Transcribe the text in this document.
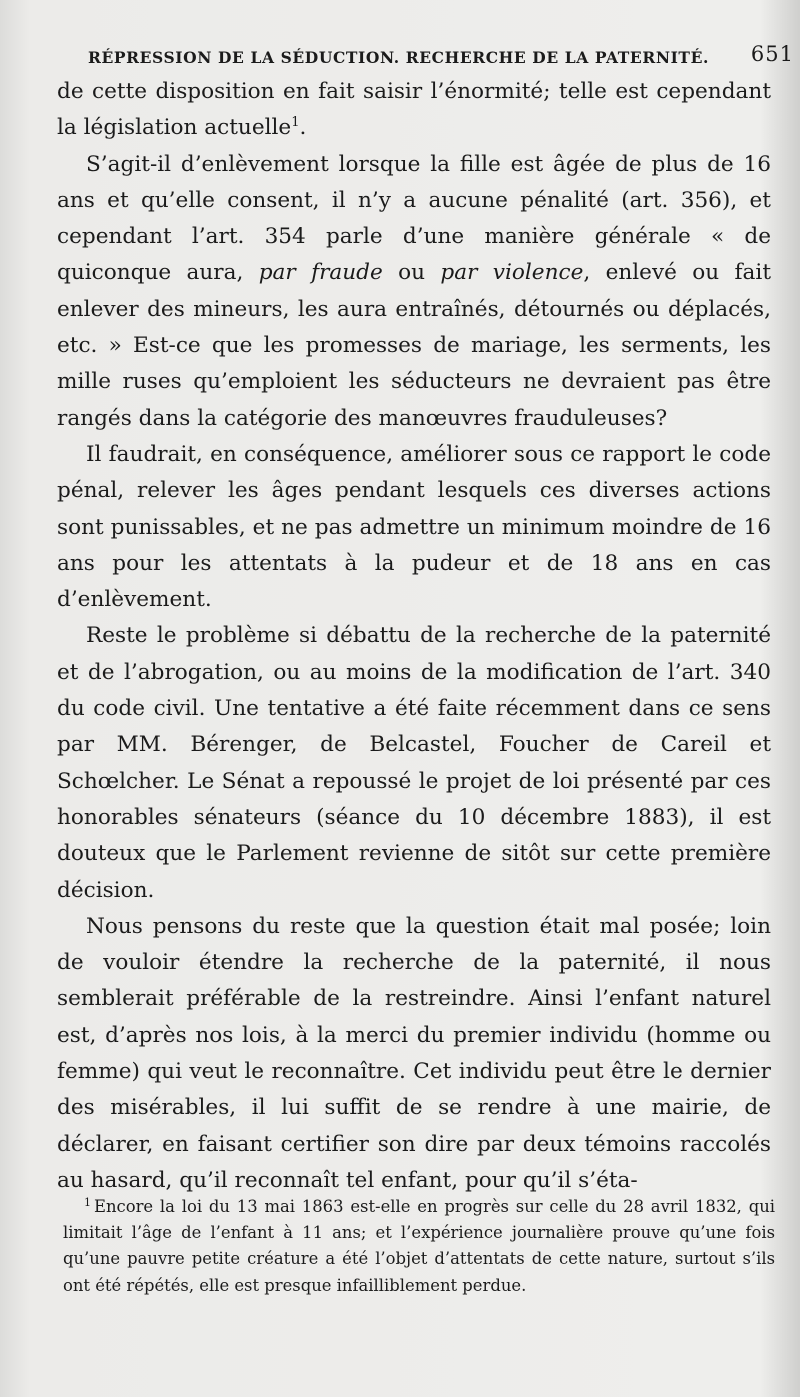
RÉPRESSION DE LA SÉDUCTION. RECHERCHE DE LA PATERNITÉ. 651

de cette disposition en fait saisir l’énormité; telle est cependant la législation actuelle$^1$.

S’agit-il d’enlèvement lorsque la fille est âgée de plus de 16 ans et qu’elle consent, il n’y a aucune pénalité (art. 356), et cependant l’art. 354 parle d’une manière générale « de quiconque aura, par fraude ou par violence, enlevé ou fait enlever des mineurs, les aura entraînés, détournés ou déplacés, etc. » Est-ce que les promesses de mariage, les serments, les mille ruses qu’emploient les séducteurs ne devraient pas être rangés dans la catégorie des manœuvres frauduleuses?

Il faudrait, en conséquence, améliorer sous ce rapport le code pénal, relever les âges pendant lesquels ces diverses actions sont punissables, et ne pas admettre un minimum moindre de 16 ans pour les attentats à la pudeur et de 18 ans en cas d’enlèvement.

Reste le problème si débattu de la recherche de la paternité et de l’abrogation, ou au moins de la modification de l’art. 340 du code civil. Une tentative a été faite récemment dans ce sens par MM. Bérenger, de Belcastel, Foucher de Careil et Schœlcher. Le Sénat a repoussé le projet de loi présenté par ces honorables sénateurs (séance du 10 décembre 1883), il est douteux que le Parlement revienne de sitôt sur cette première décision.

Nous pensons du reste que la question était mal posée; loin de vouloir étendre la recherche de la paternité, il nous semblerait préférable de la restreindre. Ainsi l’enfant naturel est, d’après nos lois, à la merci du premier individu (homme ou femme) qui veut le reconnaître. Cet individu peut être le dernier des misérables, il lui suffit de se rendre à une mairie, de déclarer, en faisant certifier son dire par deux témoins raccolés au hasard, qu’il reconnaît tel enfant, pour qu’il s’éta-

$^1$ Encore la loi du 13 mai 1863 est-elle en progrès sur celle du 28 avril 1832, qui limitait l’âge de l’enfant à 11 ans; et l’expérience journalière prouve qu’une fois qu’une pauvre petite créature a été l’objet d’attentats de cette nature, surtout s’ils ont été répétés, elle est presque infailliblement perdue.
